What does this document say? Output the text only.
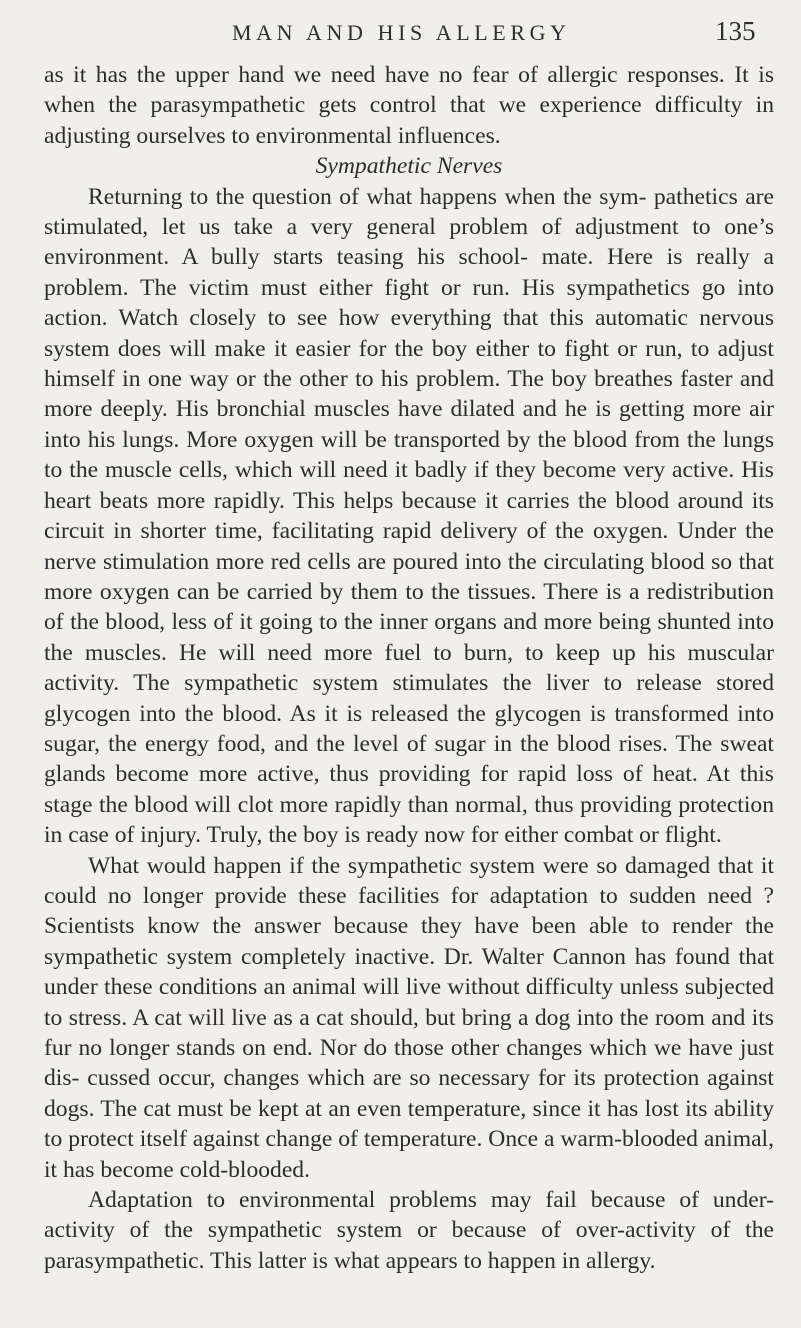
MAN AND HIS ALLERGY	135

as it has the upper hand we need have no fear of allergic responses. It is when the parasympathetic gets control that we experience difficulty in adjusting ourselves to environmental influences.

Sympathetic Nerves

Returning to the question of what happens when the sym- pathetics are stimulated, let us take a very general problem of adjustment to one’s environment. A bully starts teasing his school- mate. Here is really a problem. The victim must either fight or run. His sympathetics go into action. Watch closely to see how everything that this automatic nervous system does will make it easier for the boy either to fight or run, to adjust himself in one way or the other to his problem. The boy breathes faster and more deeply. His bronchial muscles have dilated and he is getting more air into his lungs. More oxygen will be transported by the blood from the lungs to the muscle cells, which will need it badly if they become very active. His heart beats more rapidly. This helps because it carries the blood around its circuit in shorter time, facilitating rapid delivery of the oxygen. Under the nerve stimulation more red cells are poured into the circulating blood so that more oxygen can be carried by them to the tissues. There is a redistribution of the blood, less of it going to the inner organs and more being shunted into the muscles. He will need more fuel to burn, to keep up his muscular activity. The sympathetic system stimulates the liver to release stored glycogen into the blood. As it is released the glycogen is transformed into sugar, the energy food, and the level of sugar in the blood rises. The sweat glands become more active, thus providing for rapid loss of heat. At this stage the blood will clot more rapidly than normal, thus providing protection in case of injury. Truly, the boy is ready now for either combat or flight.

What would happen if the sympathetic system were so damaged that it could no longer provide these facilities for adaptation to sudden need ? Scientists know the answer because they have been able to render the sympathetic system completely inactive. Dr. Walter Cannon has found that under these conditions an animal will live without difficulty unless subjected to stress. A cat will live as a cat should, but bring a dog into the room and its fur no longer stands on end. Nor do those other changes which we have just dis- cussed occur, changes which are so necessary for its protection against dogs. The cat must be kept at an even temperature, since it has lost its ability to protect itself against change of temperature. Once a warm-blooded animal, it has become cold-blooded.

Adaptation to environmental problems may fail because of under-activity of the sympathetic system or because of over-activity of the parasympathetic. This latter is what appears to happen in allergy.
